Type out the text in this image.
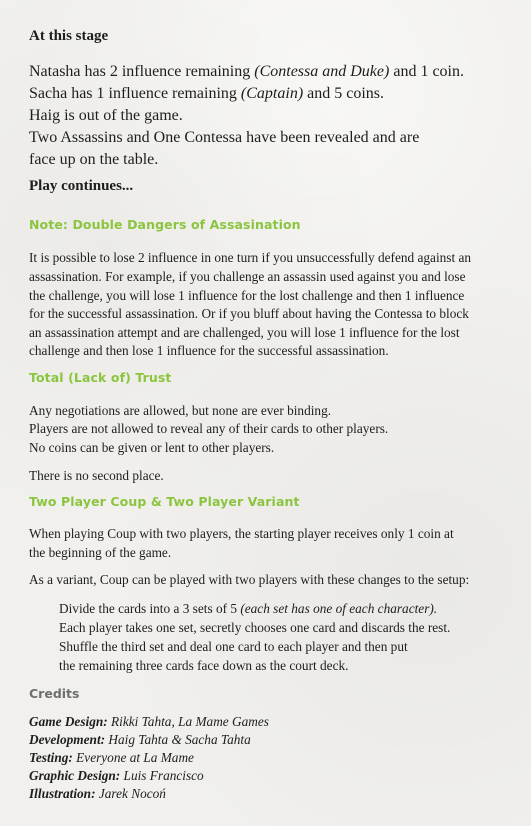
At this stage

Natasha has 2 influence remaining (Contessa and Duke) and 1 coin.

Sacha has 1 influence remaining (Captain) and 5 coins.

Haig is out of the game.

Two Assassins and One Contessa have been revealed and are

face up on the table.

Play continues...

Note: Double Dangers of Assasination

It is possible to lose 2 influence in one turn if you unsuccessfully defend against an

assassination. For example, if you challenge an assassin used against you and lose

the challenge, you will lose 1 influence for the lost challenge and then 1 influence

for the successful assassination. Or if you bluff about having the Contessa to block

an assassination attempt and are challenged, you will lose 1 influence for the lost

challenge and then lose 1 influence for the successful assassination.

Total (Lack of) Trust

Any negotiations are allowed, but none are ever binding.

Players are not allowed to reveal any of their cards to other players.

No coins can be given or lent to other players.

There is no second place.

Two Player Coup & Two Player Variant

When playing Coup with two players, the starting player receives only 1 coin at

the beginning of the game.

As a variant, Coup can be played with two players with these changes to the setup:

Divide the cards into a 3 sets of 5 (each set has one of each character).

Each player takes one set, secretly chooses one card and discards the rest.

Shuffle the third set and deal one card to each player and then put

the remaining three cards face down as the court deck.

Credits

Game Design: Rikki Tahta, La Mame Games

Development: Haig Tahta & Sacha Tahta

Testing: Everyone at La Mame

Graphic Design: Luis Francisco

Illustration: Jarek Nocoń
